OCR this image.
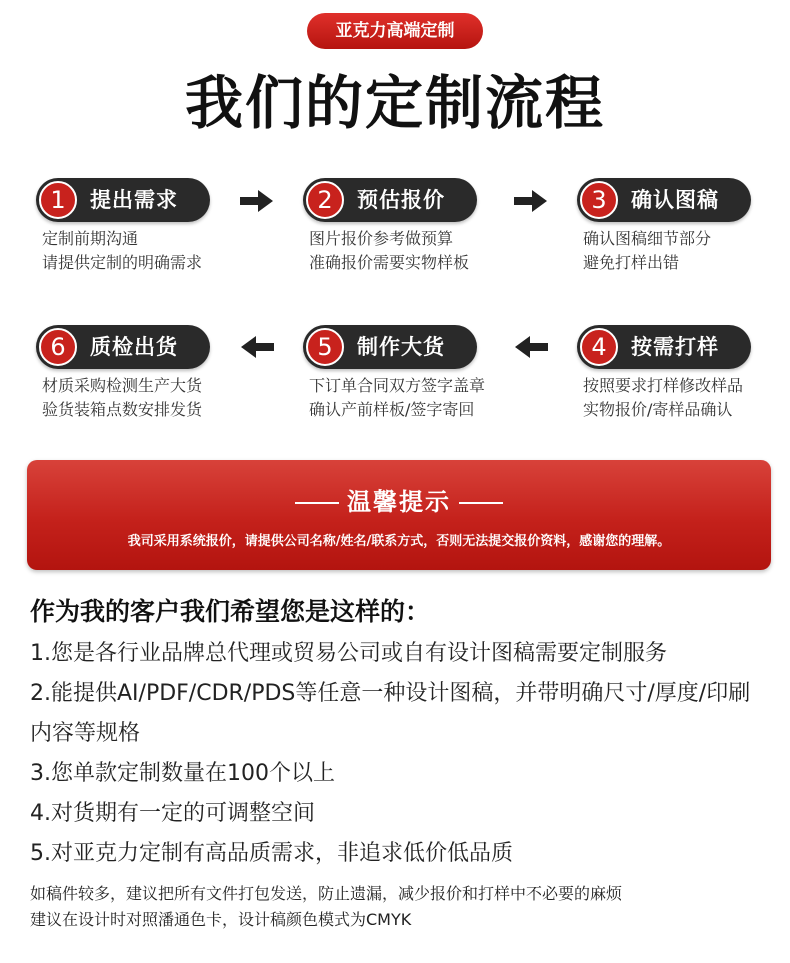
亚克力高端定制
我们的定制流程
1	提出需求
定制前期沟通
请提供定制的明确需求
2	预估报价
图片报价参考做预算
准确报价需要实物样板
3	确认图稿
确认图稿细节部分
避免打样出错
6	质检出货
材质采购检测生产大货
验货装箱点数安排发货
5	制作大货
下订单合同双方签字盖章
确认产前样板/签字寄回
4	按需打样
按照要求打样修改样品
实物报价/寄样品确认
温馨提示
我司采用系统报价，请提供公司名称/姓名/联系方式，否则无法提交报价资料，感谢您的理解。
作为我的客户我们希望您是这样的：
1.您是各行业品牌总代理或贸易公司或自有设计图稿需要定制服务
2.能提供AI/PDF/CDR/PDS等任意一种设计图稿，并带明确尺寸/厚度/印刷内容等规格
3.您单款定制数量在100个以上
4.对货期有一定的可调整空间
5.对亚克力定制有高品质需求，非追求低价低品质
如稿件较多，建议把所有文件打包发送，防止遗漏，减少报价和打样中不必要的麻烦
建议在设计时对照潘通色卡，设计稿颜色模式为CMYK
